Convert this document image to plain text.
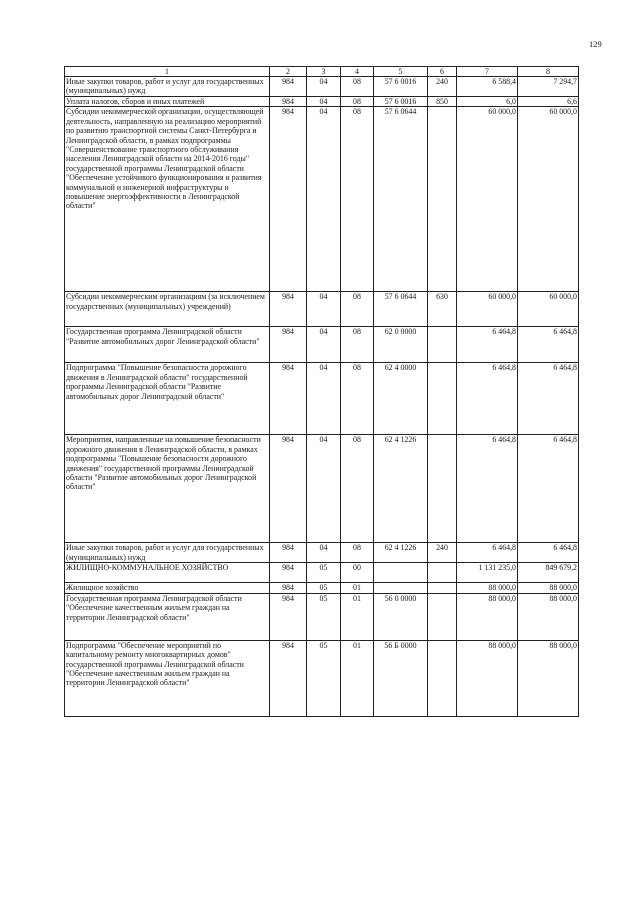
129
1	2	3	4	5	6	7	8
Иные закупки товаров, работ и услуг для государственных (муниципальных) нужд	984	04	08	57 6 0016	240	6 588,4	7 294,7
Уплата налогов, сборов и иных платежей	984	04	08	57 6 0016	850	6,0	6,6
Субсидии некоммерческой организации, осуществляющей деятельность, направленную на реализацию мероприятий по развитию транспортной системы Санкт-Петербурга и Ленинградской области, в рамках подпрограммы "Совершенствование транспортного обслуживания населения Ленинградской области на 2014-2016 годы" государственной программы Ленинградской области "Обеспечение устойчивого функционирования и развития коммунальной и инженерной инфраструктуры и повышение энергоэффективности в Ленинградской области"	984	04	08	57 6 0644		60 000,0	60 000,0
Субсидии некоммерческим организациям (за исключением государственных (муниципальных) учреждений)	984	04	08	57 6 0644	630	60 000,0	60 000,0
Государственная программа Ленинградской области "Развитие автомобильных дорог Ленинградской области"	984	04	08	62 0 0000		6 464,8	6 464,8
Подпрограмма "Повышение безопасности дорожного движения в Ленинградской области" государственной программы Ленинградской области "Развитие автомобильных дорог Ленинградской области"	984	04	08	62 4 0000		6 464,8	6 464,8
Мероприятия, направленные на повышение безопасности дорожного движения в Ленинградской области, в рамках подпрограммы "Повышение безопасности дорожного движения" государственной программы Ленинградской области "Развитие автомобильных дорог Ленинградской области"	984	04	08	62 4 1226		6 464,8	6 464,8
Иные закупки товаров, работ и услуг для государственных (муниципальных) нужд	984	04	08	62 4 1226	240	6 464,8	6 464,8
ЖИЛИЩНО-КОММУНАЛЬНОЕ ХОЗЯЙСТВО	984	05	00			1 131 235,0	849 679,2
Жилищное хозяйство	984	05	01			88 000,0	88 000,0
Государственная программа Ленинградской области "Обеспечение качественным жильем граждан на территории Ленинградской области"	984	05	01	56 0 0000		88 000,0	88 000,0
Подпрограмма "Обеспечение мероприятий по капитальному ремонту многоквартирных домов" государственной программы Ленинградской области "Обеспечение качественным жильем граждан на территории Ленинградской области"	984	05	01	56 Б 0000		88 000,0	88 000,0
